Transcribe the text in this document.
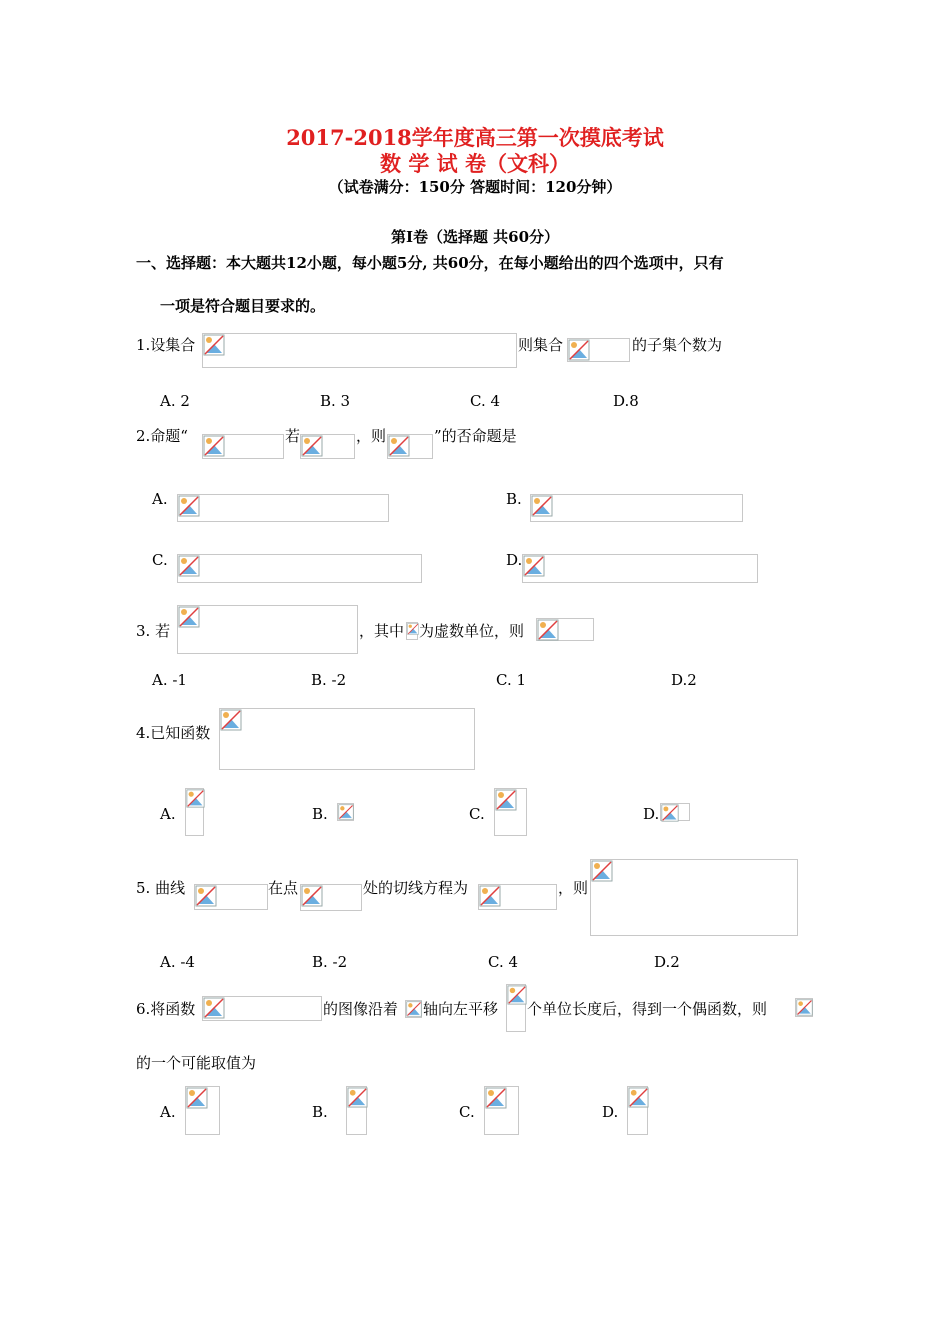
2017-2018学年度高三第一次摸底考试
数 学 试 卷（文科）
（试卷满分：150分 答题时间：120分钟）
第Ⅰ卷（选择题 共60分）
一、选择题：本大题共12小题，每小题5分, 共60分，在每小题给出的四个选项中，只有
一项是符合题目要求的。
1.设集合	则集合	的子集个数为
A. 2	B. 3	C. 4	D.8
2.命题“	若	，则	”的否命题是
A.	B.
C.	D.
3. 若	，其中 为虚数单位，则
A. -1	B. -2	C. 1	D.2
4.已知函数
A.	B.	C.	D.
5. 曲线	在点	处的切线方程为	，则
A. -4	B. -2	C. 4	D.2
6.将函数	的图像沿着 轴向左平移 个单位长度后，得到一个偶函数，则
的一个可能取值为
A.	B.	C.	D.
